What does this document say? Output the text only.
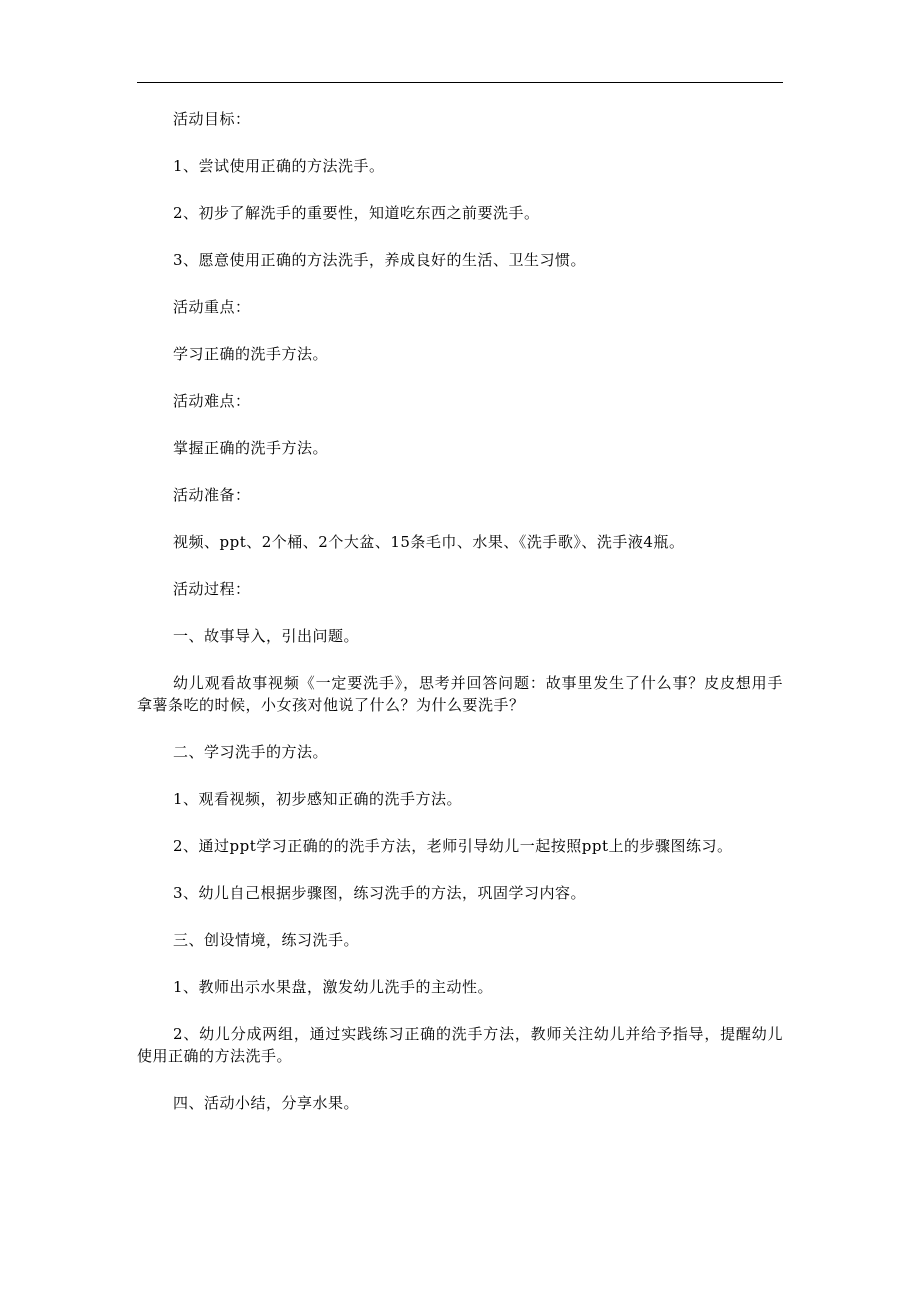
活动目标：

1、尝试使用正确的方法洗手。

2、初步了解洗手的重要性，知道吃东西之前要洗手。

3、愿意使用正确的方法洗手，养成良好的生活、卫生习惯。

活动重点：

学习正确的洗手方法。

活动难点：

掌握正确的洗手方法。

活动准备：

视频、ppt、2个桶、2个大盆、15条毛巾、水果、《洗手歌》、洗手液4瓶。

活动过程：

一、故事导入，引出问题。

幼儿观看故事视频《一定要洗手》，思考并回答问题：故事里发生了什么事？皮皮想用手拿薯条吃的时候，小女孩对他说了什么？为什么要洗手？

二、学习洗手的方法。

1、观看视频，初步感知正确的洗手方法。

2、通过ppt学习正确的的洗手方法，老师引导幼儿一起按照ppt上的步骤图练习。

3、幼儿自己根据步骤图，练习洗手的方法，巩固学习内容。

三、创设情境，练习洗手。

1、教师出示水果盘，激发幼儿洗手的主动性。

2、幼儿分成两组，通过实践练习正确的洗手方法，教师关注幼儿并给予指导，提醒幼儿使用正确的方法洗手。

四、活动小结，分享水果。
